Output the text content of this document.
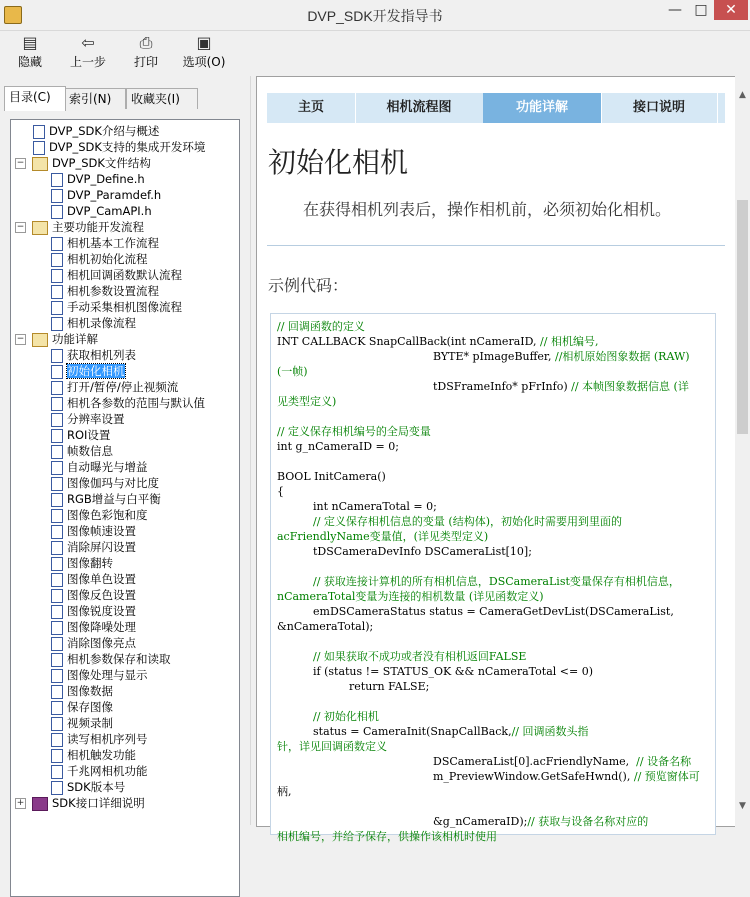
DVP_SDK开发指导书	— □	✕
▤
隐藏
⇦
上一步
⎙
打印
▣
选项(O)
目录(C)	索引(N)	收藏夹(I)
DVP_SDK介绍与概述
DVP_SDK支持的集成开发环境
− DVP_SDK文件结构
DVP_Define.h
DVP_Paramdef.h
DVP_CamAPI.h
− 主要功能开发流程
相机基本工作流程
相机初始化流程
相机回调函数默认流程
相机参数设置流程
手动采集相机图像流程
相机录像流程
− 功能详解
获取相机列表
初始化相机
打开/暂停/停止视频流
相机各参数的范围与默认值
分辨率设置
ROI设置
帧数信息
自动曝光与增益
图像伽玛与对比度
RGB增益与白平衡
图像色彩饱和度
图像帧速设置
消除屏闪设置
图像翻转
图像单色设置
图像反色设置
图像锐度设置
图像降噪处理
消除图像亮点
相机参数保存和读取
图像处理与显示
图像数据
保存图像
视频录制
读写相机序列号
相机触发功能
千兆网相机功能
SDK版本号
+ SDK接口详细说明
主页	相机流程图	功能详解	接口说明
初始化相机
在获得相机列表后，操作相机前，必须初始化相机。
示例代码：
// 回调函数的定义
INT CALLBACK SnapCallBack(int nCameraID, // 相机编号,
BYTE* pImageBuffer, //相机原始图象数据 (RAW)
(一帧)
tDSFrameInfo* pFrInfo) // 本帧图象数据信息 (详
见类型定义)
// 定义保存相机编号的全局变量
int g_nCameraID = 0;
BOOL InitCamera()
{
int nCameraTotal = 0;
// 定义保存相机信息的变量 (结构体)，初始化时需要用到里面的
acFriendlyName变量值，(详见类型定义)
tDSCameraDevInfo DSCameraList[10];
// 获取连接计算机的所有相机信息，DSCameraList变量保存有相机信息，
nCameraTotal变量为连接的相机数量 (详见函数定义)
emDSCameraStatus status = CameraGetDevList(DSCameraList,
&nCameraTotal);
// 如果获取不成功或者没有相机返回FALSE
if (status != STATUS_OK && nCameraTotal <= 0)
return FALSE;
// 初始化相机
status = CameraInit(SnapCallBack,// 回调函数头指
针，详见回调函数定义
DSCameraList[0].acFriendlyName,  // 设备名称
m_PreviewWindow.GetSafeHwnd(), // 预览窗体可
柄,
&g_nCameraID);// 获取与设备名称对应的
相机编号，并给予保存，供操作该相机时使用
▲
▼
